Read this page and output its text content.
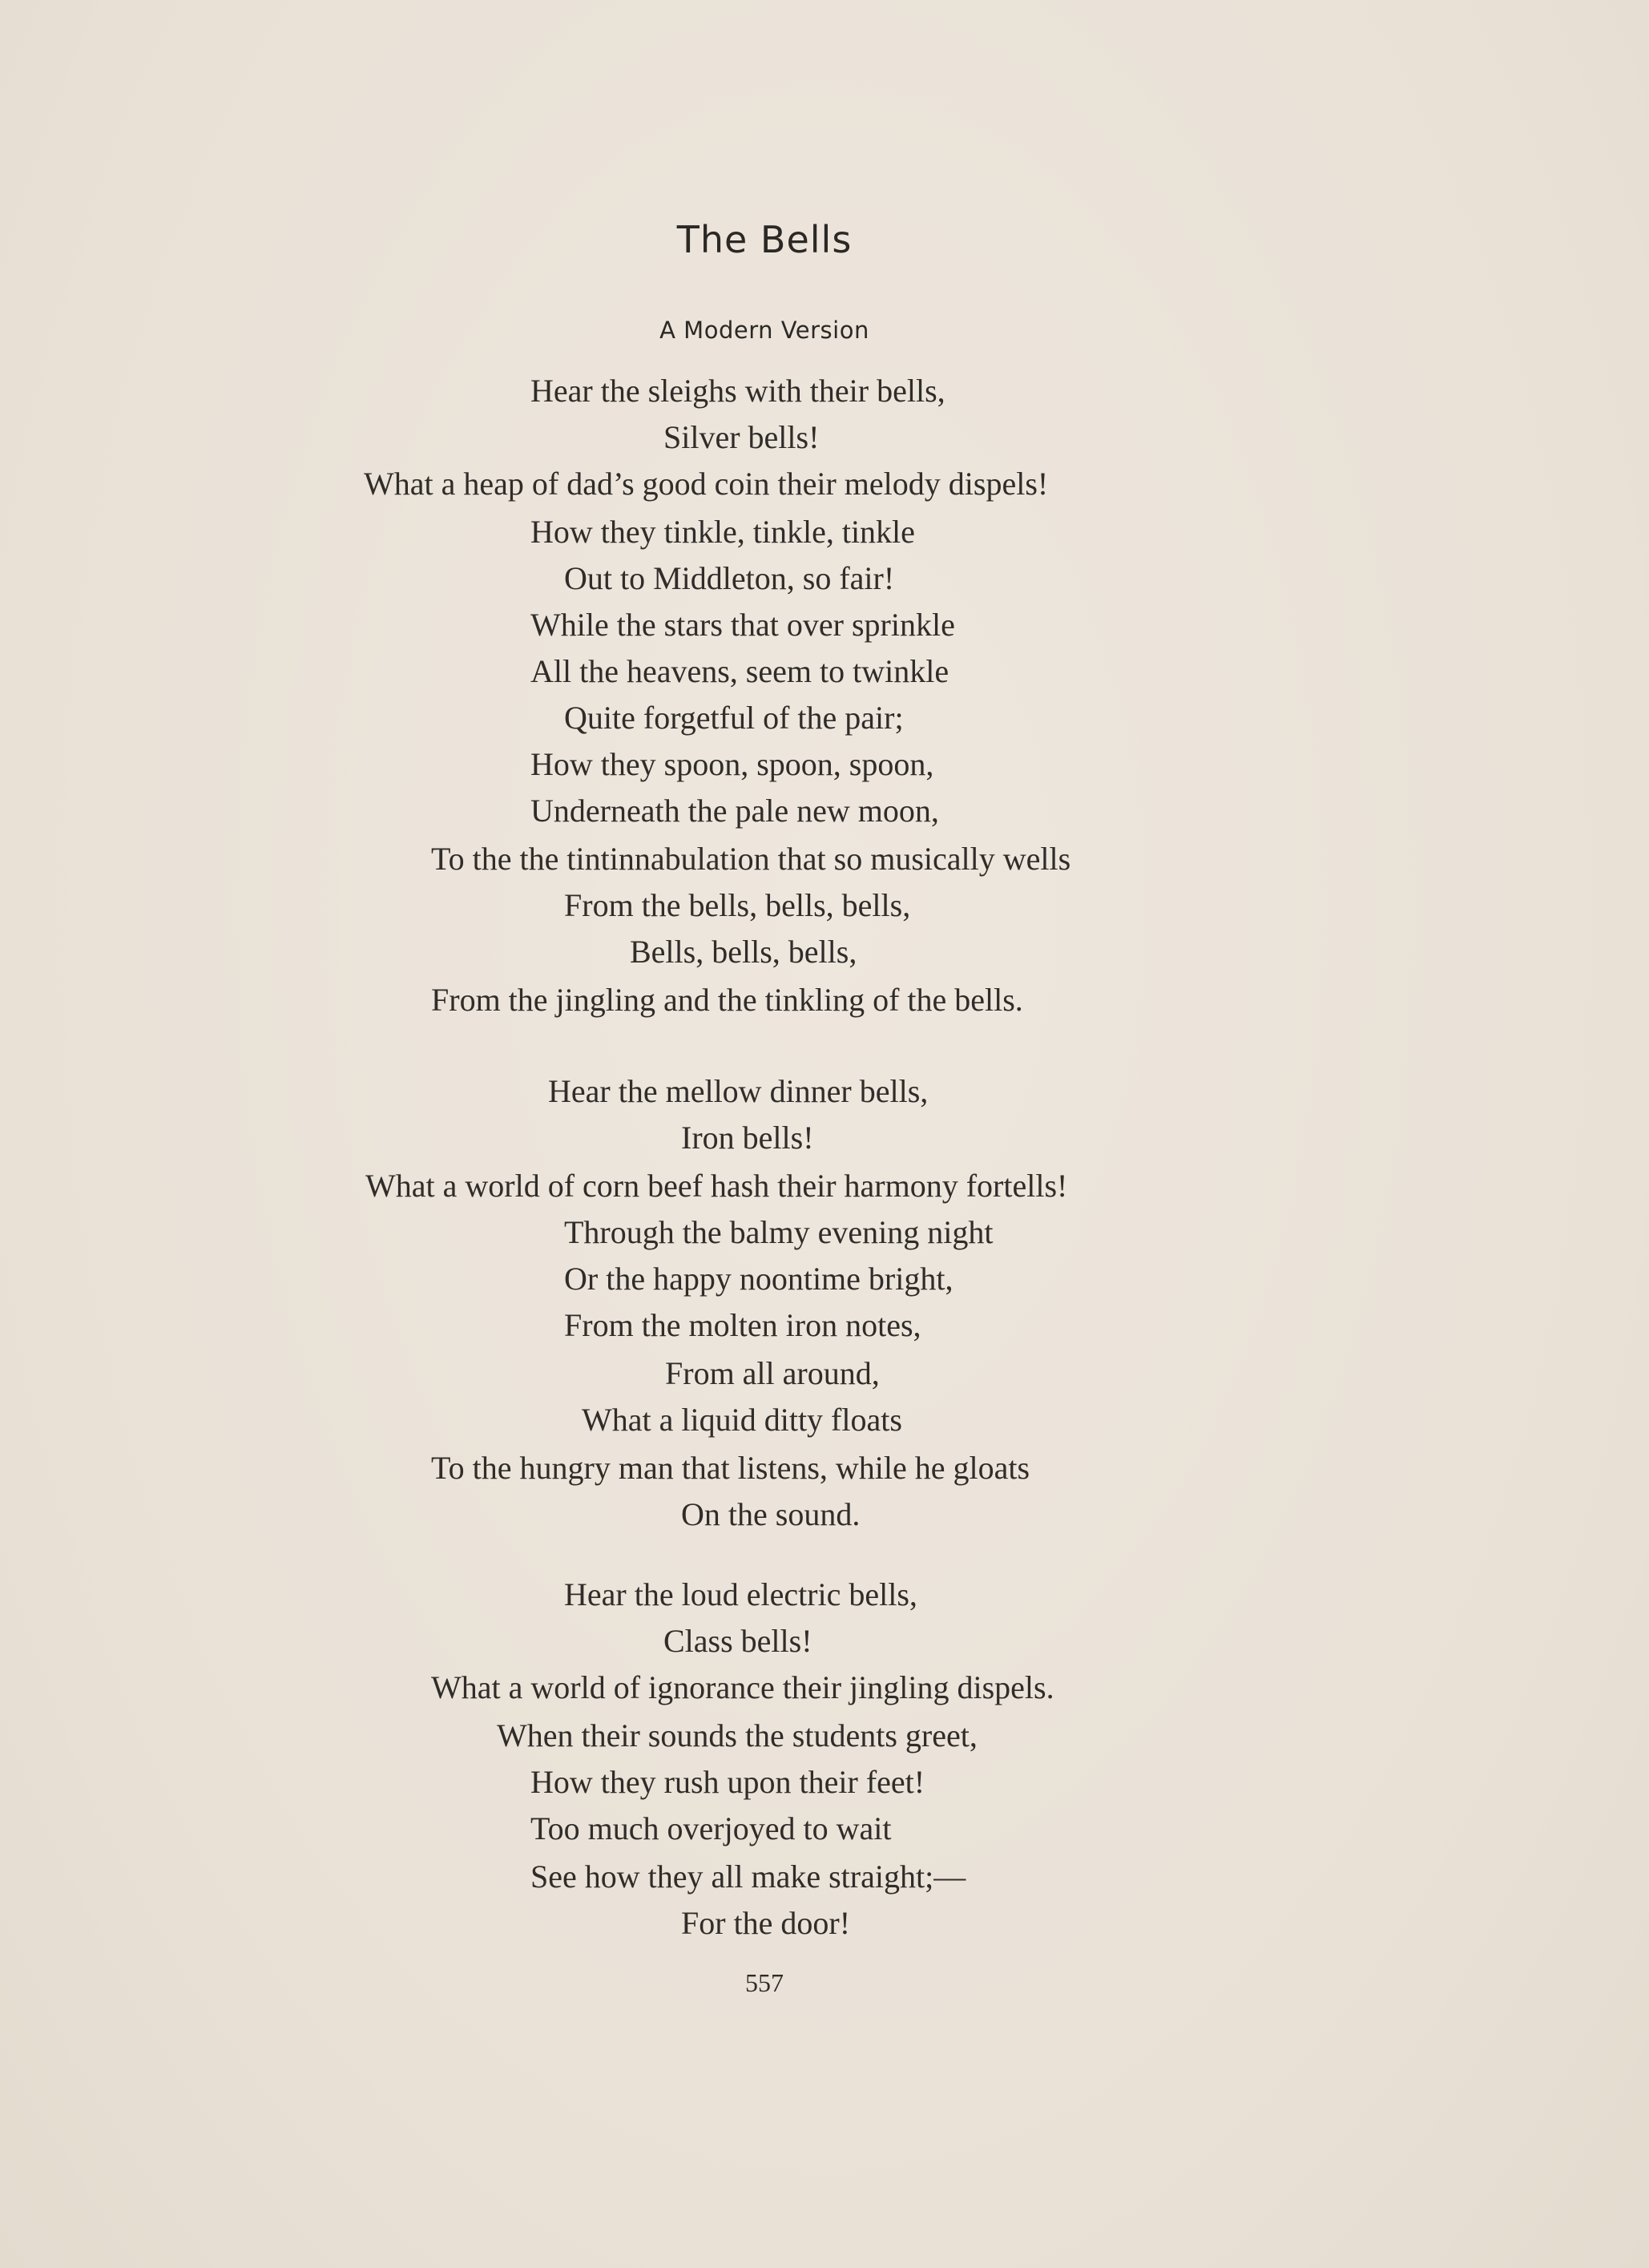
The Bells
A Modern Version
Hear the sleighs with their bells,
Silver bells!
What a heap of dad’s good coin their melody dispels!
How they tinkle, tinkle, tinkle
Out to Middleton, so fair!
While the stars that over sprinkle
All the heavens, seem to twinkle
Quite forgetful of the pair;
How they spoon, spoon, spoon,
Underneath the pale new moon,
To the the tintinnabulation that so musically wells
From the bells, bells, bells,
Bells, bells, bells,
From the jingling and the tinkling of the bells.
Hear the mellow dinner bells,
Iron bells!
What a world of corn beef hash their harmony fortells!
Through the balmy evening night
Or the happy noontime bright,
From the molten iron notes,
From all around,
What a liquid ditty floats
To the hungry man that listens, while he gloats
On the sound.
Hear the loud electric bells,
Class bells!
What a world of ignorance their jingling dispels.
When their sounds the students greet,
How they rush upon their feet!
Too much overjoyed to wait
See how they all make straight;—
For the door!
557
